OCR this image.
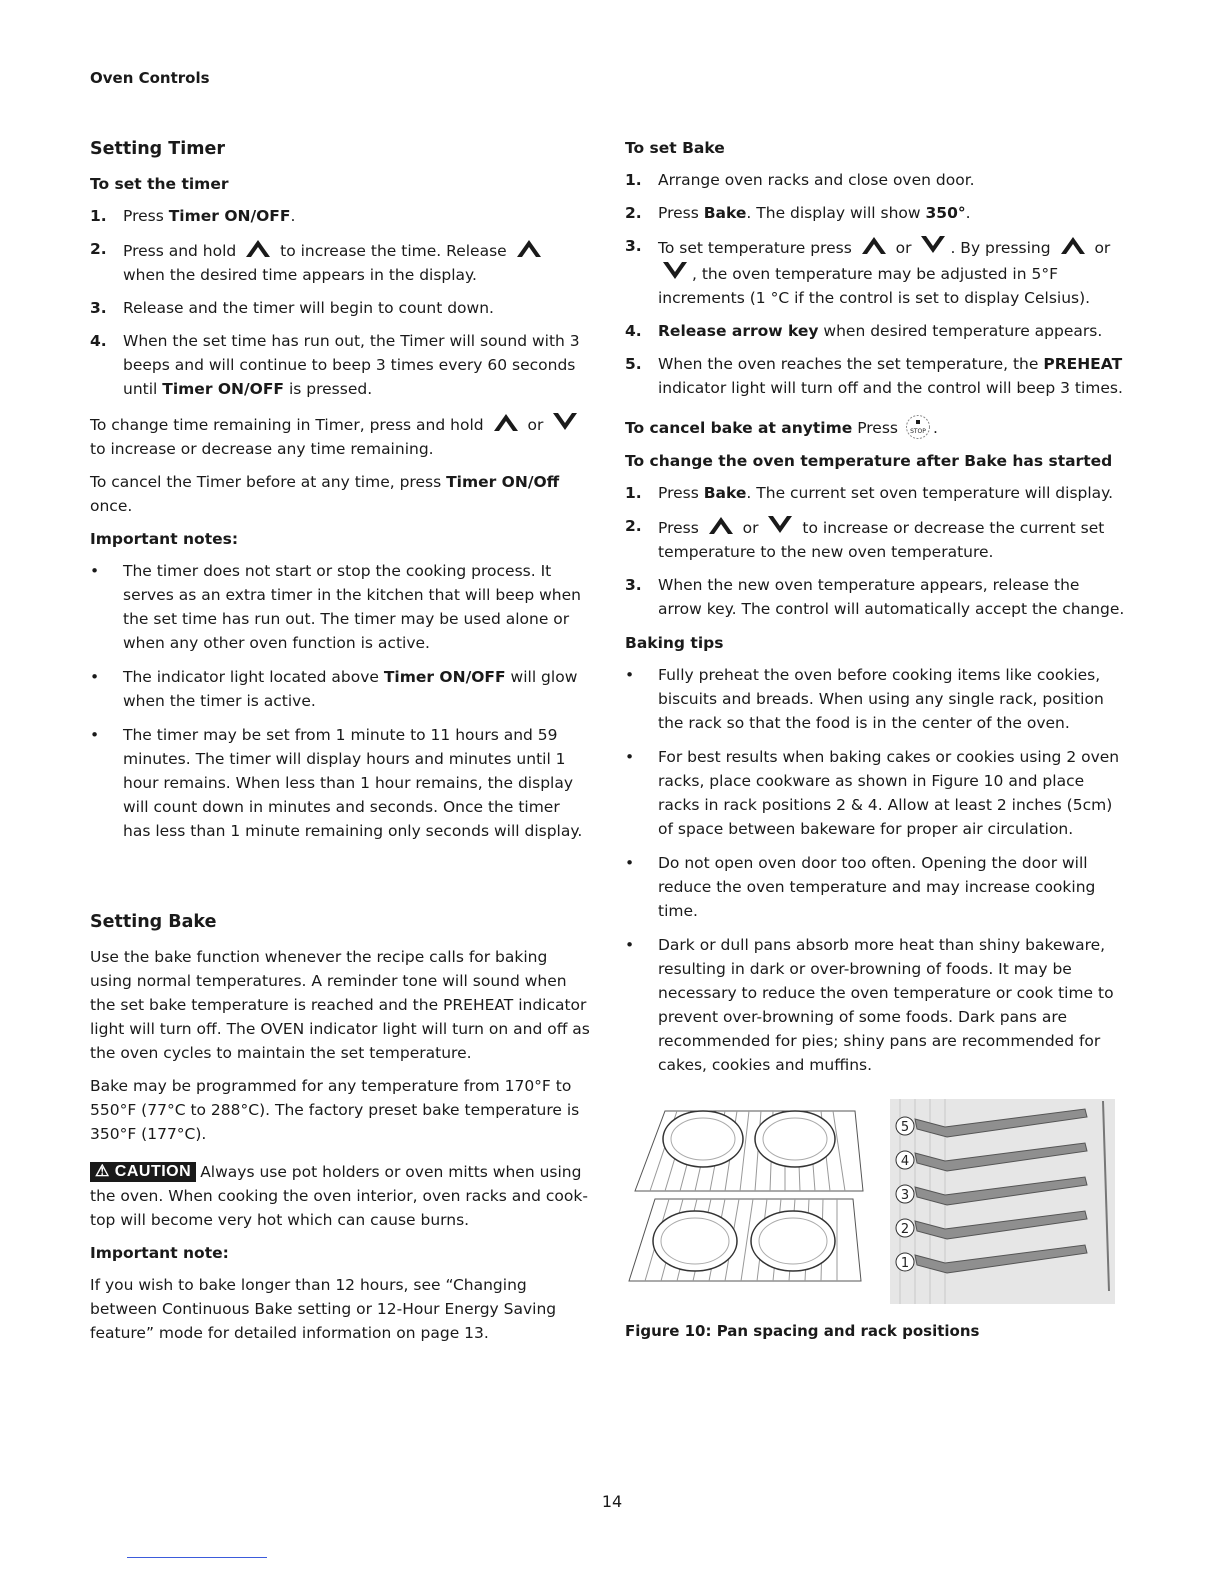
Oven Controls
Setting Timer
To set the timer
1. Press Timer ON/OFF.
2. Press and hold	to increase the time. Release
when the desired time appears in the display.
3. Release and the timer will begin to count down.
4. When the set time has run out, the Timer will sound with 3 beeps and will continue to beep 3 times every 60 seconds until Timer ON/OFF is pressed.

To change time remaining in Timer, press and hold	or
to increase or decrease any time remaining.

To cancel the Timer before at any time, press Timer ON/Off once.

Important notes:
• The timer does not start or stop the cooking process. It serves as an extra timer in the kitchen that will beep when the set time has run out. The timer may be used alone or when any other oven function is active.
• The indicator light located above Timer ON/OFF will glow when the timer is active.
• The timer may be set from 1 minute to 11 hours and 59 minutes. The timer will display hours and minutes until 1 hour remains. When less than 1 hour remains, the display will count down in minutes and seconds. Once the timer has less than 1 minute remaining only seconds will display.
Setting Bake

Use the bake function whenever the recipe calls for baking using normal temperatures. A reminder tone will sound when the set bake temperature is reached and the PREHEAT indicator light will turn off. The OVEN indicator light will turn on and off as the oven cycles to maintain the set temperature.

Bake may be programmed for any temperature from 170°F to 550°F (77°C to 288°C). The factory preset bake temperature is 350°F (177°C).

⚠ CAUTION Always use pot holders or oven mitts when using the oven. When cooking the oven interior, oven racks and cook-top will become very hot which can cause burns.

Important note:

If you wish to bake longer than 12 hours, see “Changing between Continuous Bake setting or 12-Hour Energy Saving feature” mode for detailed information on page 13.

To set Bake
1. Arrange oven racks and close oven door.
2. Press Bake. The display will show 350°.
3. To set temperature press	or	. By pressing	or
, the oven temperature may be adjusted in 5°F increments (1 °C if the control is set to display Celsius).
4. Release arrow key when desired temperature appears.
5. When the oven reaches the set temperature, the PREHEAT indicator light will turn off and the control will beep 3 times.

To cancel bake at anytime Press STOP .

To change the oven temperature after Bake has started
1. Press Bake. The current set oven temperature will display.
2. Press	or	to increase or decrease the current set temperature to the new oven temperature.
3. When the new oven temperature appears, release the arrow key. The control will automatically accept the change.
Baking tips
• Fully preheat the oven before cooking items like cookies, biscuits and breads. When using any single rack, position the rack so that the food is in the center of the oven.
• For best results when baking cakes or cookies using 2 oven racks, place cookware as shown in Figure 10 and place racks in rack positions 2 & 4. Allow at least 2 inches (5cm) of space between bakeware for proper air circulation.
• Do not open oven door too often. Opening the door will reduce the oven temperature and may increase cooking time.
• Dark or dull pans absorb more heat than shiny bakeware, resulting in dark or over-browning of foods. It may be necessary to reduce the oven temperature or cook time to prevent over-browning of some foods. Dark pans are recommended for pies; shiny pans are recommended for cakes, cookies and muffins.
5
4
3
2
1
Figure 10: Pan spacing and rack positions
14
